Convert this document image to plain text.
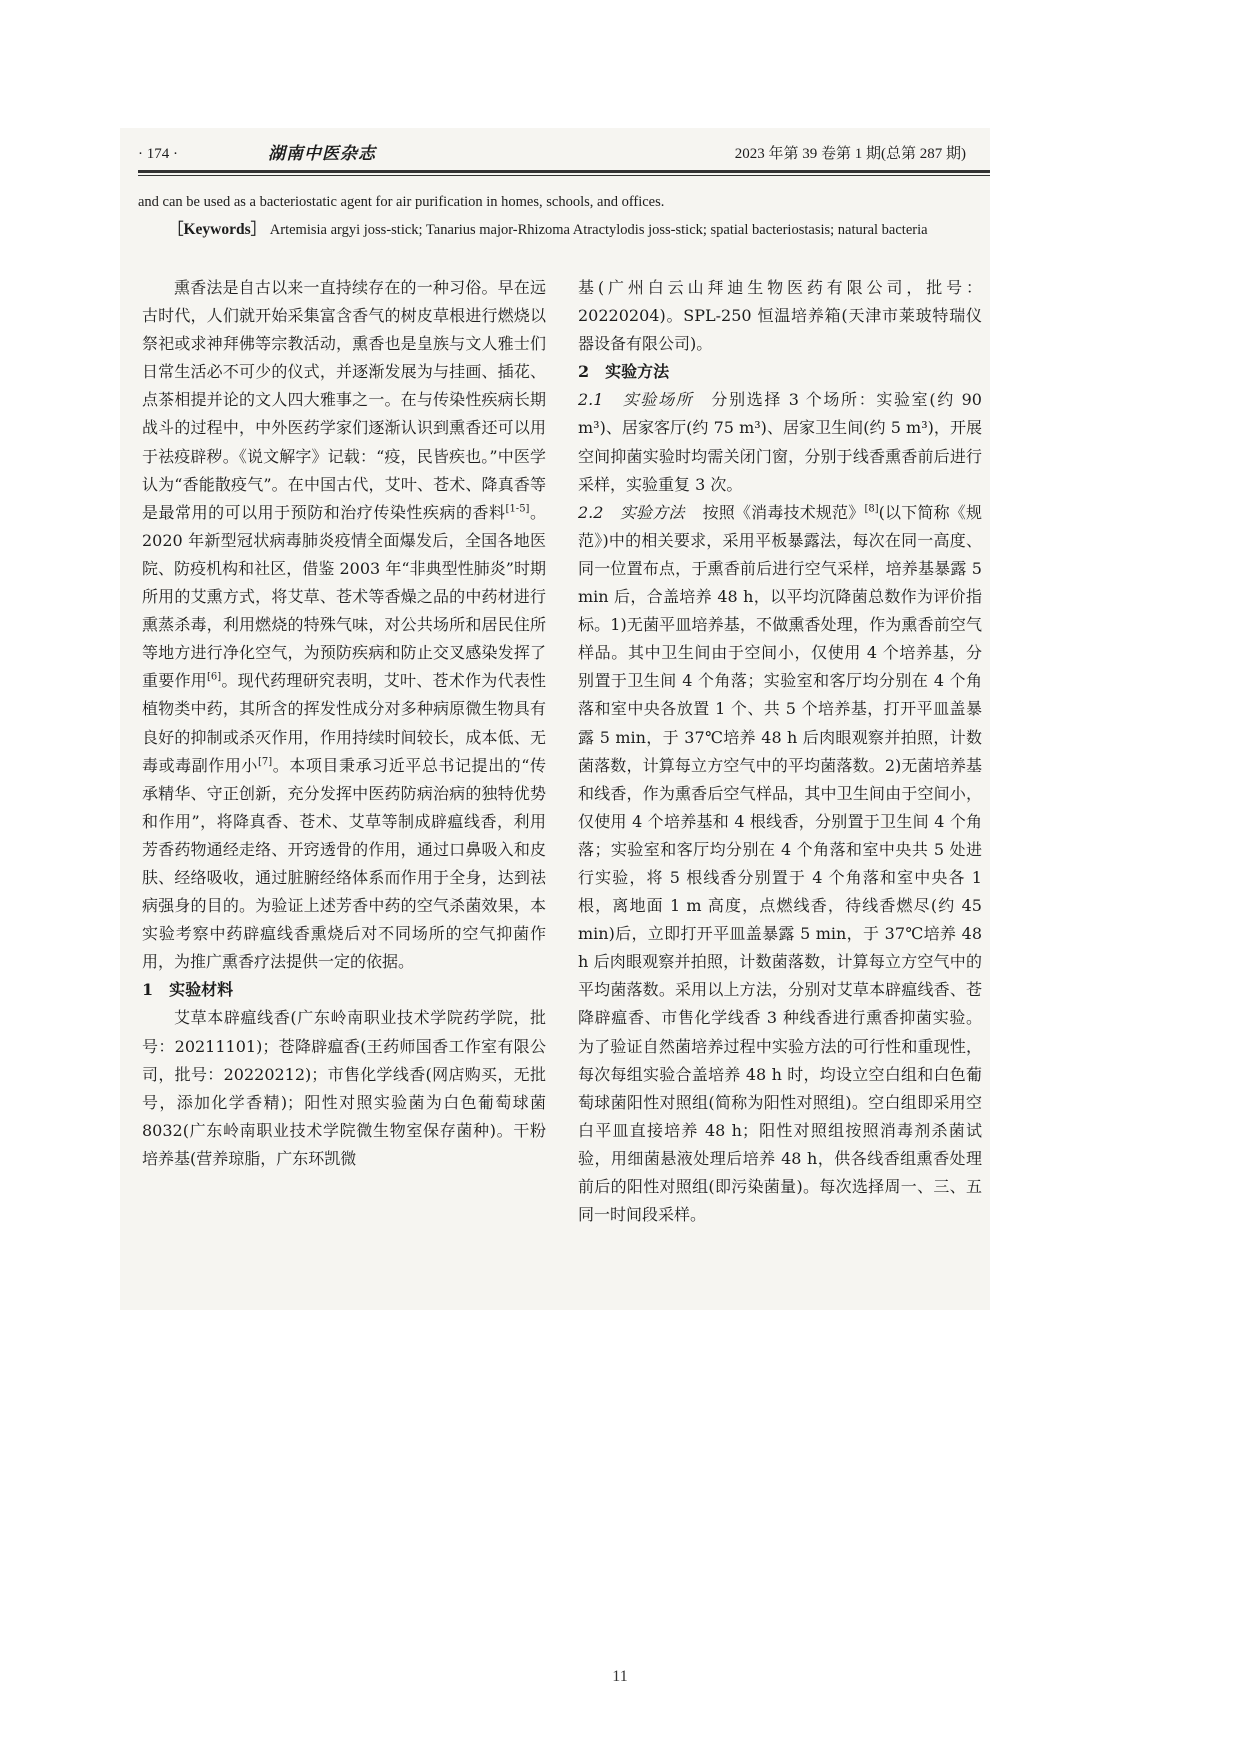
· 174 ·	湖南中医杂志	2023 年第 39 卷第 1 期(总第 287 期)
and can be used as a bacteriostatic agent for air purification in homes, schools, and offices.
［Keywords］ Artemisia argyi joss-stick; Tanarius major-Rhizoma Atractylodis joss-stick; spatial bacteriostasis; natural bacteria

熏香法是自古以来一直持续存在的一种习俗。早在远古时代，人们就开始采集富含香气的树皮草根进行燃烧以祭祀或求神拜佛等宗教活动，熏香也是皇族与文人雅士们日常生活必不可少的仪式，并逐渐发展为与挂画、插花、点茶相提并论的文人四大雅事之一。在与传染性疾病长期战斗的过程中，中外医药学家们逐渐认识到熏香还可以用于祛疫辟秽。《说文解字》记载：“疫，民皆疾也。”中医学认为“香能散疫气”。在中国古代，艾叶、苍术、降真香等是最常用的可以用于预防和治疗传染性疾病的香料[1-5]。2020 年新型冠状病毒肺炎疫情全面爆发后，全国各地医院、防疫机构和社区，借鉴 2003 年“非典型性肺炎”时期所用的艾熏方式，将艾草、苍术等香燥之品的中药材进行熏蒸杀毒，利用燃烧的特殊气味，对公共场所和居民住所等地方进行净化空气，为预防疾病和防止交叉感染发挥了重要作用[6]。现代药理研究表明，艾叶、苍术作为代表性植物类中药，其所含的挥发性成分对多种病原微生物具有良好的抑制或杀灭作用，作用持续时间较长，成本低、无毒或毒副作用小[7]。本项目秉承习近平总书记提出的“传承精华、守正创新，充分发挥中医药防病治病的独特优势和作用”，将降真香、苍术、艾草等制成辟瘟线香，利用芳香药物通经走络、开窍透骨的作用，通过口鼻吸入和皮肤、经络吸收，通过脏腑经络体系而作用于全身，达到祛病强身的目的。为验证上述芳香中药的空气杀菌效果，本实验考察中药辟瘟线香熏烧后对不同场所的空气抑菌作用，为推广熏香疗法提供一定的依据。

1　实验材料

艾草本辟瘟线香(广东岭南职业技术学院药学院，批号：20211101)；苍降辟瘟香(王药师国香工作室有限公司，批号：20220212)；市售化学线香(网店购买，无批号，添加化学香精)；阳性对照实验菌为白色葡萄球菌 8032(广东岭南职业技术学院微生物室保存菌种)。干粉培养基(营养琼脂，广东环凯微

基(广州白云山拜迪生物医药有限公司，批号：20220204)。SPL-250 恒温培养箱(天津市莱玻特瑞仪器设备有限公司)。

2　实验方法

2.1　实验场所 分别选择 3 个场所：实验室(约 90 m³)、居家客厅(约 75 m³)、居家卫生间(约 5 m³)，开展空间抑菌实验时均需关闭门窗，分别于线香熏香前后进行采样，实验重复 3 次。

2.2　实验方法 按照《消毒技术规范》[8](以下简称《规范》)中的相关要求，采用平板暴露法，每次在同一高度、同一位置布点，于熏香前后进行空气采样，培养基暴露 5 min 后，合盖培养 48 h，以平均沉降菌总数作为评价指标。1)无菌平皿培养基，不做熏香处理，作为熏香前空气样品。其中卫生间由于空间小，仅使用 4 个培养基，分别置于卫生间 4 个角落；实验室和客厅均分别在 4 个角落和室中央各放置 1 个、共 5 个培养基，打开平皿盖暴露 5 min，于 37℃培养 48 h 后肉眼观察并拍照，计数菌落数，计算每立方空气中的平均菌落数。2)无菌培养基和线香，作为熏香后空气样品，其中卫生间由于空间小，仅使用 4 个培养基和 4 根线香，分别置于卫生间 4 个角落；实验室和客厅均分别在 4 个角落和室中央共 5 处进行实验，将 5 根线香分别置于 4 个角落和室中央各 1 根，离地面 1 m 高度，点燃线香，待线香燃尽(约 45 min)后，立即打开平皿盖暴露 5 min，于 37℃培养 48 h 后肉眼观察并拍照，计数菌落数，计算每立方空气中的平均菌落数。采用以上方法，分别对艾草本辟瘟线香、苍降辟瘟香、市售化学线香 3 种线香进行熏香抑菌实验。为了验证自然菌培养过程中实验方法的可行性和重现性，每次每组实验合盖培养 48 h 时，均设立空白组和白色葡萄球菌阳性对照组(简称为阳性对照组)。空白组即采用空白平皿直接培养 48 h；阳性对照组按照消毒剂杀菌试验，用细菌悬液处理后培养 48 h，供各线香组熏香处理前后的阳性对照组(即污染菌量)。每次选择周一、三、五同一时间段采样。

11
